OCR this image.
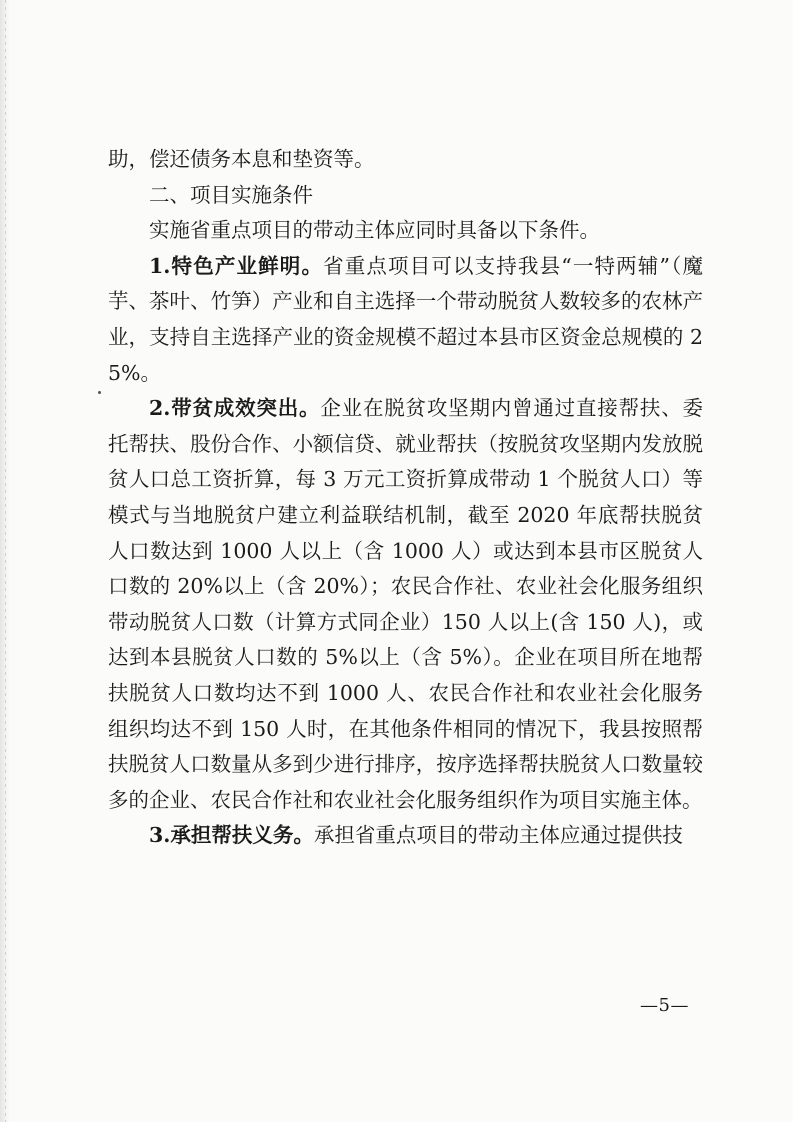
助，偿还债务本息和垫资等。

二、项目实施条件

实施省重点项目的带动主体应同时具备以下条件。

1.特色产业鲜明。省重点项目可以支持我县“一特两辅”（魔芋、茶叶、竹笋）产业和自主选择一个带动脱贫人数较多的农林产业，支持自主选择产业的资金规模不超过本县市区资金总规模的 25%。

2.带贫成效突出。企业在脱贫攻坚期内曾通过直接帮扶、委托帮扶、股份合作、小额信贷、就业帮扶（按脱贫攻坚期内发放脱贫人口总工资折算，每 3 万元工资折算成带动 1 个脱贫人口）等模式与当地脱贫户建立利益联结机制，截至 2020 年底帮扶脱贫人口数达到 1000 人以上（含 1000 人）或达到本县市区脱贫人口数的 20%以上（含 20%）；农民合作社、农业社会化服务组织带动脱贫人口数（计算方式同企业）150 人以上(含 150 人)，或达到本县脱贫人口数的 5%以上（含 5%）。企业在项目所在地帮扶脱贫人口数均达不到 1000 人、农民合作社和农业社会化服务组织均达不到 150 人时，在其他条件相同的情况下，我县按照帮扶脱贫人口数量从多到少进行排序，按序选择帮扶脱贫人口数量较多的企业、农民合作社和农业社会化服务组织作为项目实施主体。

3.承担帮扶义务。承担省重点项目的带动主体应通过提供技

—5—
